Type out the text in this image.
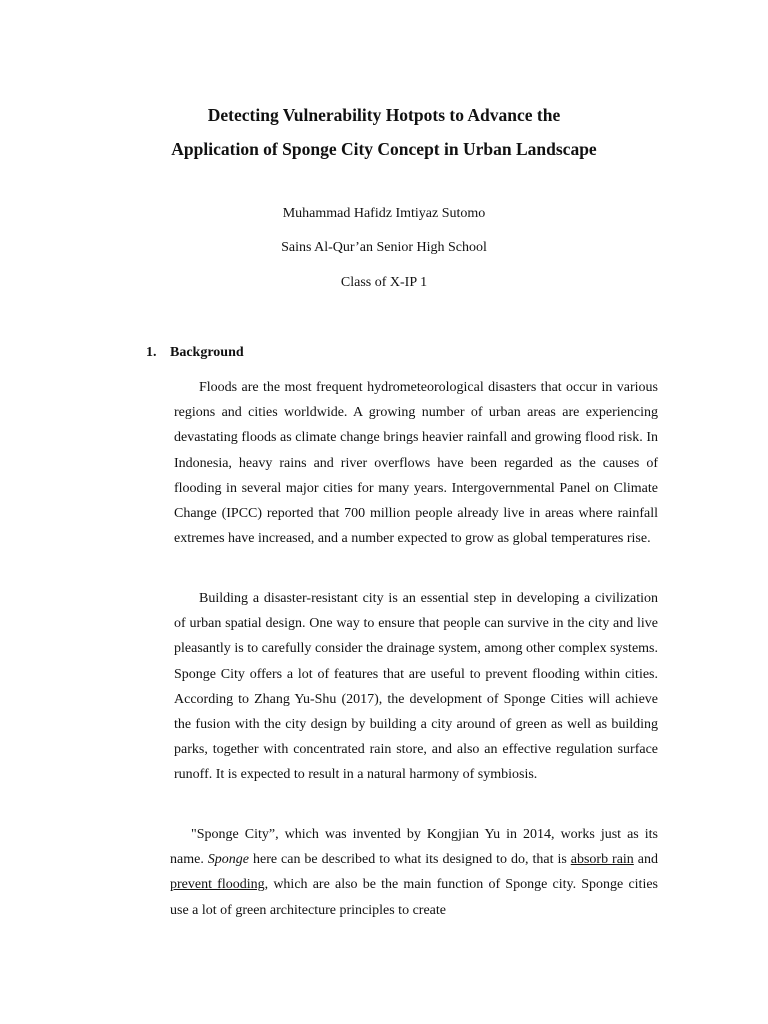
Detecting Vulnerability Hotpots to Advance the
Application of Sponge City Concept in Urban Landscape

Muhammad Hafidz Imtiyaz Sutomo

Sains Al-Qur’an Senior High School

Class of X-IP 1

1. Background

Floods are the most frequent hydrometeorological disasters that occur in various regions and cities worldwide. A growing number of urban areas are experiencing devastating floods as climate change brings heavier rainfall and growing flood risk. In Indonesia, heavy rains and river overflows have been regarded as the causes of flooding in several major cities for many years. Intergovernmental Panel on Climate Change (IPCC) reported that 700 million people already live in areas where rainfall extremes have increased, and a number expected to grow as global temperatures rise.

Building a disaster-resistant city is an essential step in developing a civilization of urban spatial design. One way to ensure that people can survive in the city and live pleasantly is to carefully consider the drainage system, among other complex systems. Sponge City offers a lot of features that are useful to prevent flooding within cities. According to Zhang Yu-Shu (2017), the development of Sponge Cities will achieve the fusion with the city design by building a city around of green as well as building parks, together with concentrated rain store, and also an effective regulation surface runoff. It is expected to result in a natural harmony of symbiosis.

"Sponge City”, which was invented by Kongjian Yu in 2014, works just as its name. Sponge here can be described to what its designed to do, that is absorb rain and prevent flooding, which are also be the main function of Sponge city. Sponge cities use a lot of green architecture principles to create
